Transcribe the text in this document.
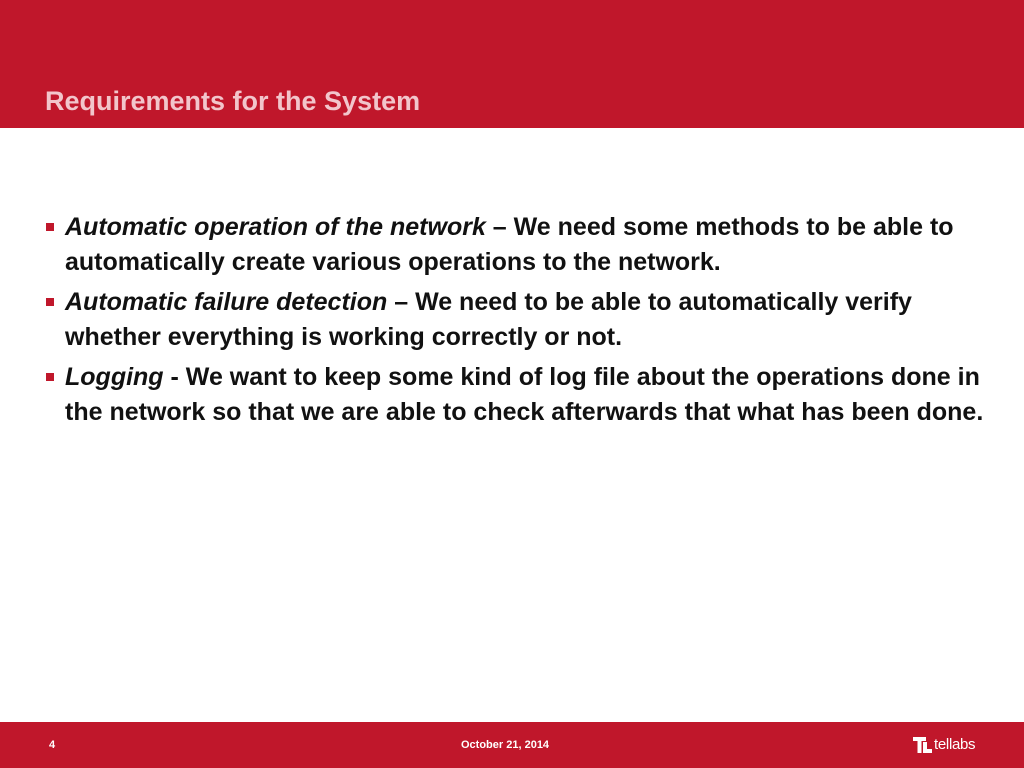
Requirements for the System
Automatic operation of the network – We need some methods to be able to automatically create various operations to the network.
Automatic failure detection – We need to be able to automatically verify whether everything is working correctly or not.
Logging - We want to keep some kind of log file about the operations done in the network so that we are able to check afterwards that what has been done.
4	October 21, 2014	tellabs
